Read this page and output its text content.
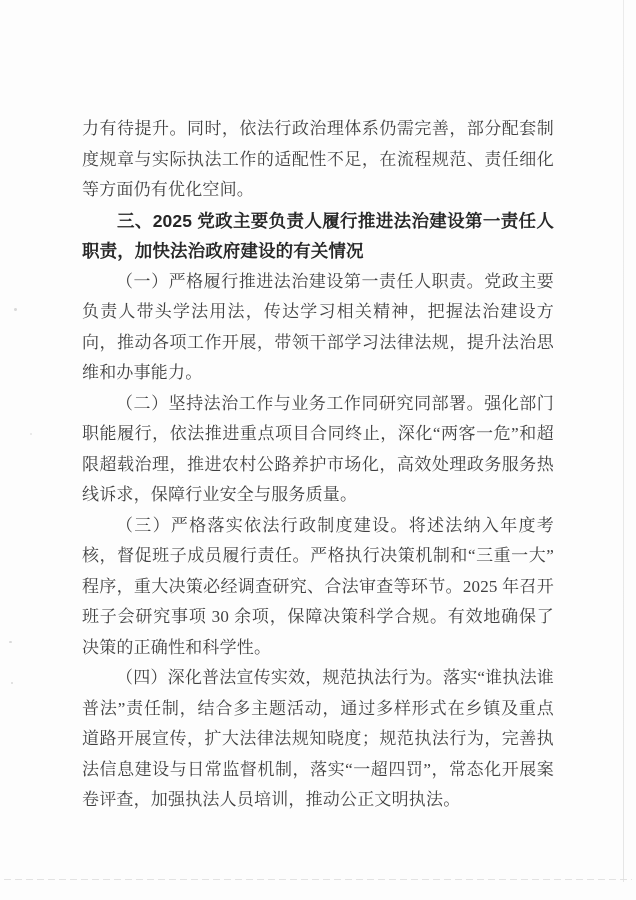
力有待提升。同时，依法行政治理体系仍需完善，部分配套制度规章与实际执法工作的适配性不足，在流程规范、责任细化等方面仍有优化空间。

三、2025 党政主要负责人履行推进法治建设第一责任人职责，加快法治政府建设的有关情况

（一）严格履行推进法治建设第一责任人职责。党政主要负责人带头学法用法，传达学习相关精神，把握法治建设方向，推动各项工作开展，带领干部学习法律法规，提升法治思维和办事能力。

（二）坚持法治工作与业务工作同研究同部署。强化部门职能履行，依法推进重点项目合同终止，深化“两客一危”和超限超载治理，推进农村公路养护市场化，高效处理政务服务热线诉求，保障行业安全与服务质量。

（三）严格落实依法行政制度建设。将述法纳入年度考核，督促班子成员履行责任。严格执行决策机制和“三重一大”程序，重大决策必经调查研究、合法审查等环节。2025 年召开班子会研究事项 30 余项，保障决策科学合规。有效地确保了决策的正确性和科学性。

（四）深化普法宣传实效，规范执法行为。落实“谁执法谁普法”责任制，结合多主题活动，通过多样形式在乡镇及重点道路开展宣传，扩大法律法规知晓度；规范执法行为，完善执法信息建设与日常监督机制，落实“一超四罚”，常态化开展案卷评查，加强执法人员培训，推动公正文明执法。
